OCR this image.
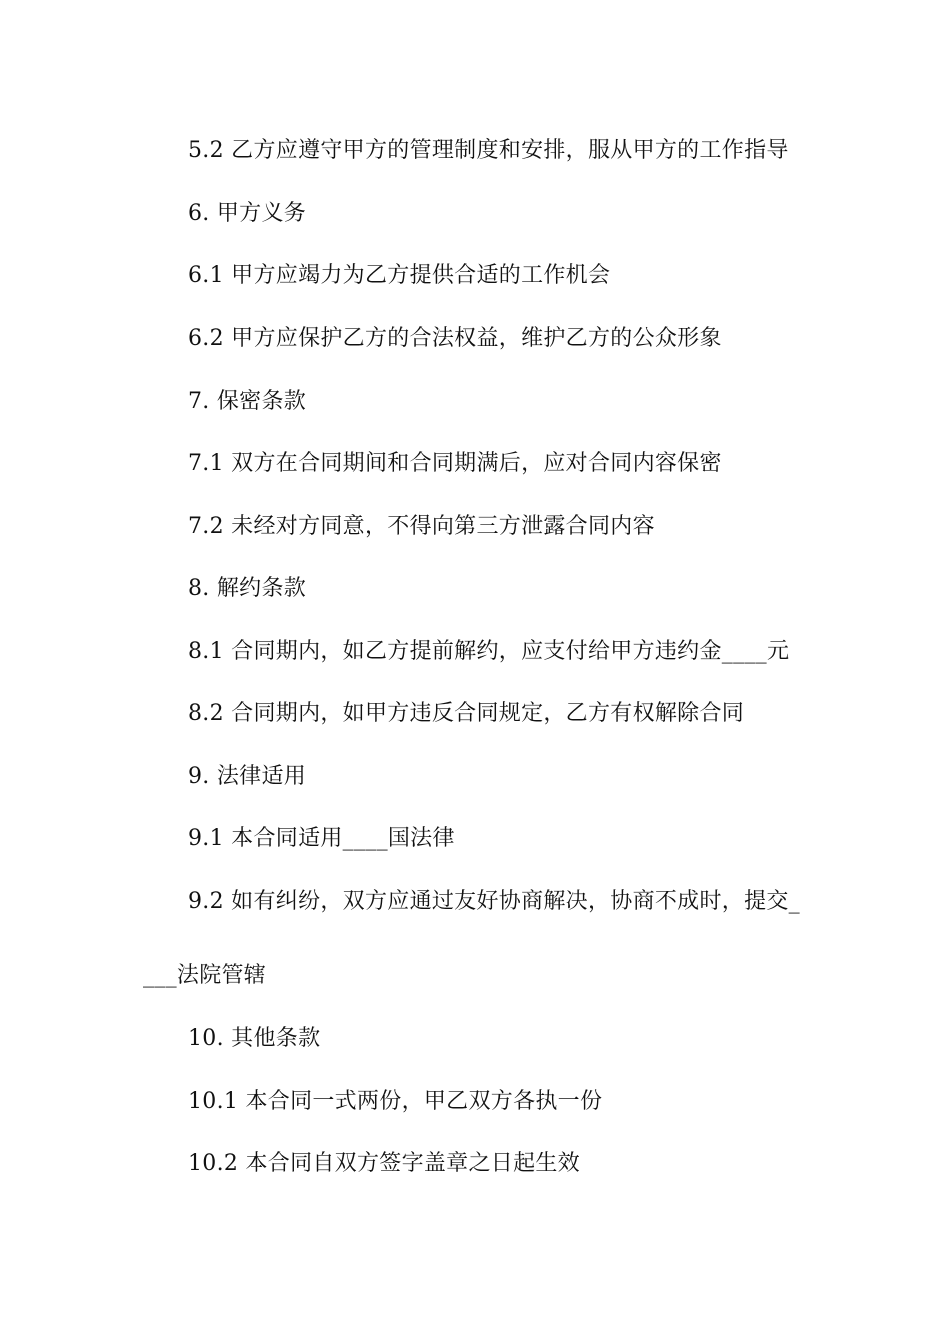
5.2 乙方应遵守甲方的管理制度和安排，服从甲方的工作指导
6. 甲方义务
6.1 甲方应竭力为乙方提供合适的工作机会
6.2 甲方应保护乙方的合法权益，维护乙方的公众形象
7. 保密条款
7.1 双方在合同期间和合同期满后，应对合同内容保密
7.2 未经对方同意，不得向第三方泄露合同内容
8. 解约条款
8.1 合同期内，如乙方提前解约，应支付给甲方违约金____元
8.2 合同期内，如甲方违反合同规定，乙方有权解除合同
9. 法律适用
9.1 本合同适用____国法律
9.2 如有纠纷，双方应通过友好协商解决，协商不成时，提交_
___法院管辖
10. 其他条款
10.1 本合同一式两份，甲乙双方各执一份
10.2 本合同自双方签字盖章之日起生效
